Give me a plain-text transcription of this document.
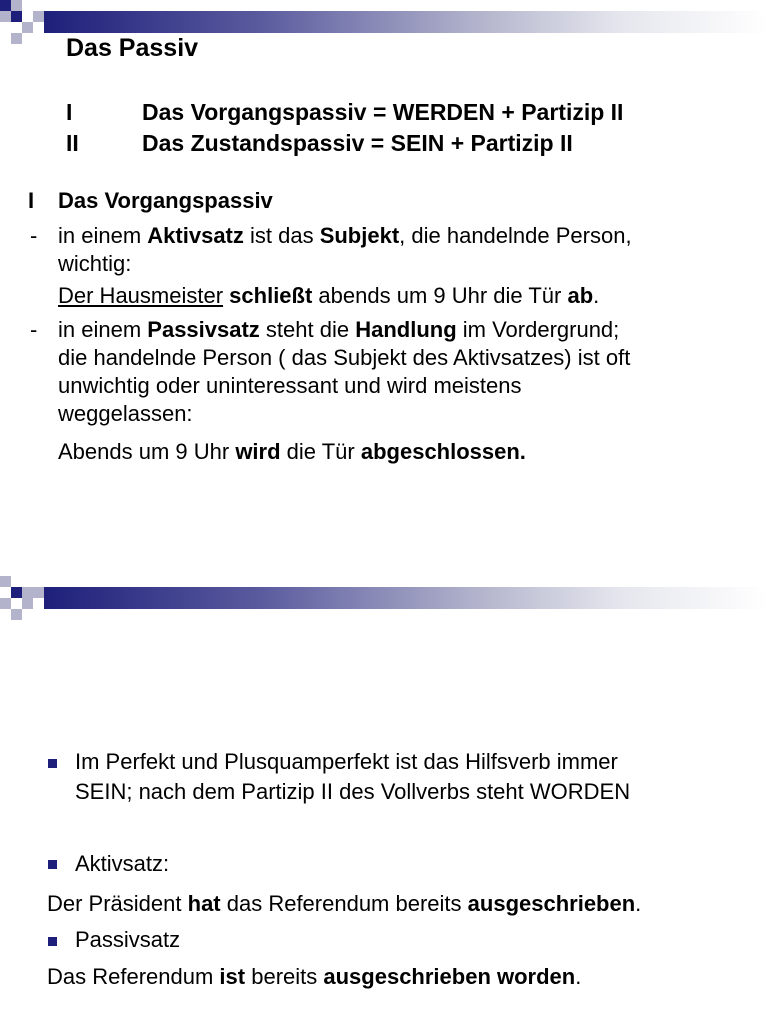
Das Passiv
I	Das Vorgangspassiv = WERDEN + Partizip II
II	Das Zustandspassiv = SEIN + Partizip II
I Das Vorgangspassiv
- in einem Aktivsatz ist das Subjekt, die handelnde Person,
wichtig:
Der Hausmeister schließt abends um 9 Uhr die Tür ab.
- in einem Passivsatz steht die Handlung im Vordergrund;
die handelnde Person ( das Subjekt des Aktivsatzes) ist oft
unwichtig oder uninteressant und wird meistens
weggelassen:
Abends um 9 Uhr wird die Tür abgeschlossen.
Im Perfekt und Plusquamperfekt ist das Hilfsverb immer
SEIN; nach dem Partizip II des Vollverbs steht WORDEN
Aktivsatz:
Der Präsident hat das Referendum bereits ausgeschrieben.
Passivsatz
Das Referendum ist bereits ausgeschrieben worden.
